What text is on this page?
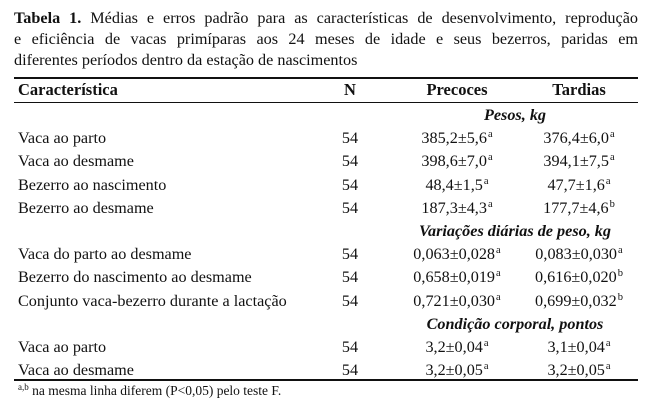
Tabela 1. Médias e erros padrão para as características de desenvolvimento, reprodução
e eficiência de vacas primíparas aos 24 meses de idade e seus bezerros, paridas em
diferentes períodos dentro da estação de nascimentos
Característica	N	Precoces	Tardias
Pesos, kg
Vaca ao parto	54	385,2±5,6$^a$	376,4±6,0$^a$
Vaca ao desmame	54	398,6±7,0$^a$	394,1±7,5$^a$
Bezerro ao nascimento	54	48,4±1,5$^a$	47,7±1,6$^a$
Bezerro ao desmame	54	187,3±4,3$^a$	177,7±4,6$^b$
Variações diárias de peso, kg
Vaca do parto ao desmame	54	0,063±0,028$^a$	0,083±0,030$^a$
Bezerro do nascimento ao desmame	54	0,658±0,019$^a$	0,616±0,020$^b$
Conjunto vaca-bezerro durante a lactação	54	0,721±0,030$^a$	0,699±0,032$^b$
Condição corporal, pontos
Vaca ao parto	54	3,2±0,04$^a$	3,1±0,04$^a$
Vaca ao desmame	54	3,2±0,05$^a$	3,2±0,05$^a$
$^{a,b}$ na mesma linha diferem (P<0,05) pelo teste F.
